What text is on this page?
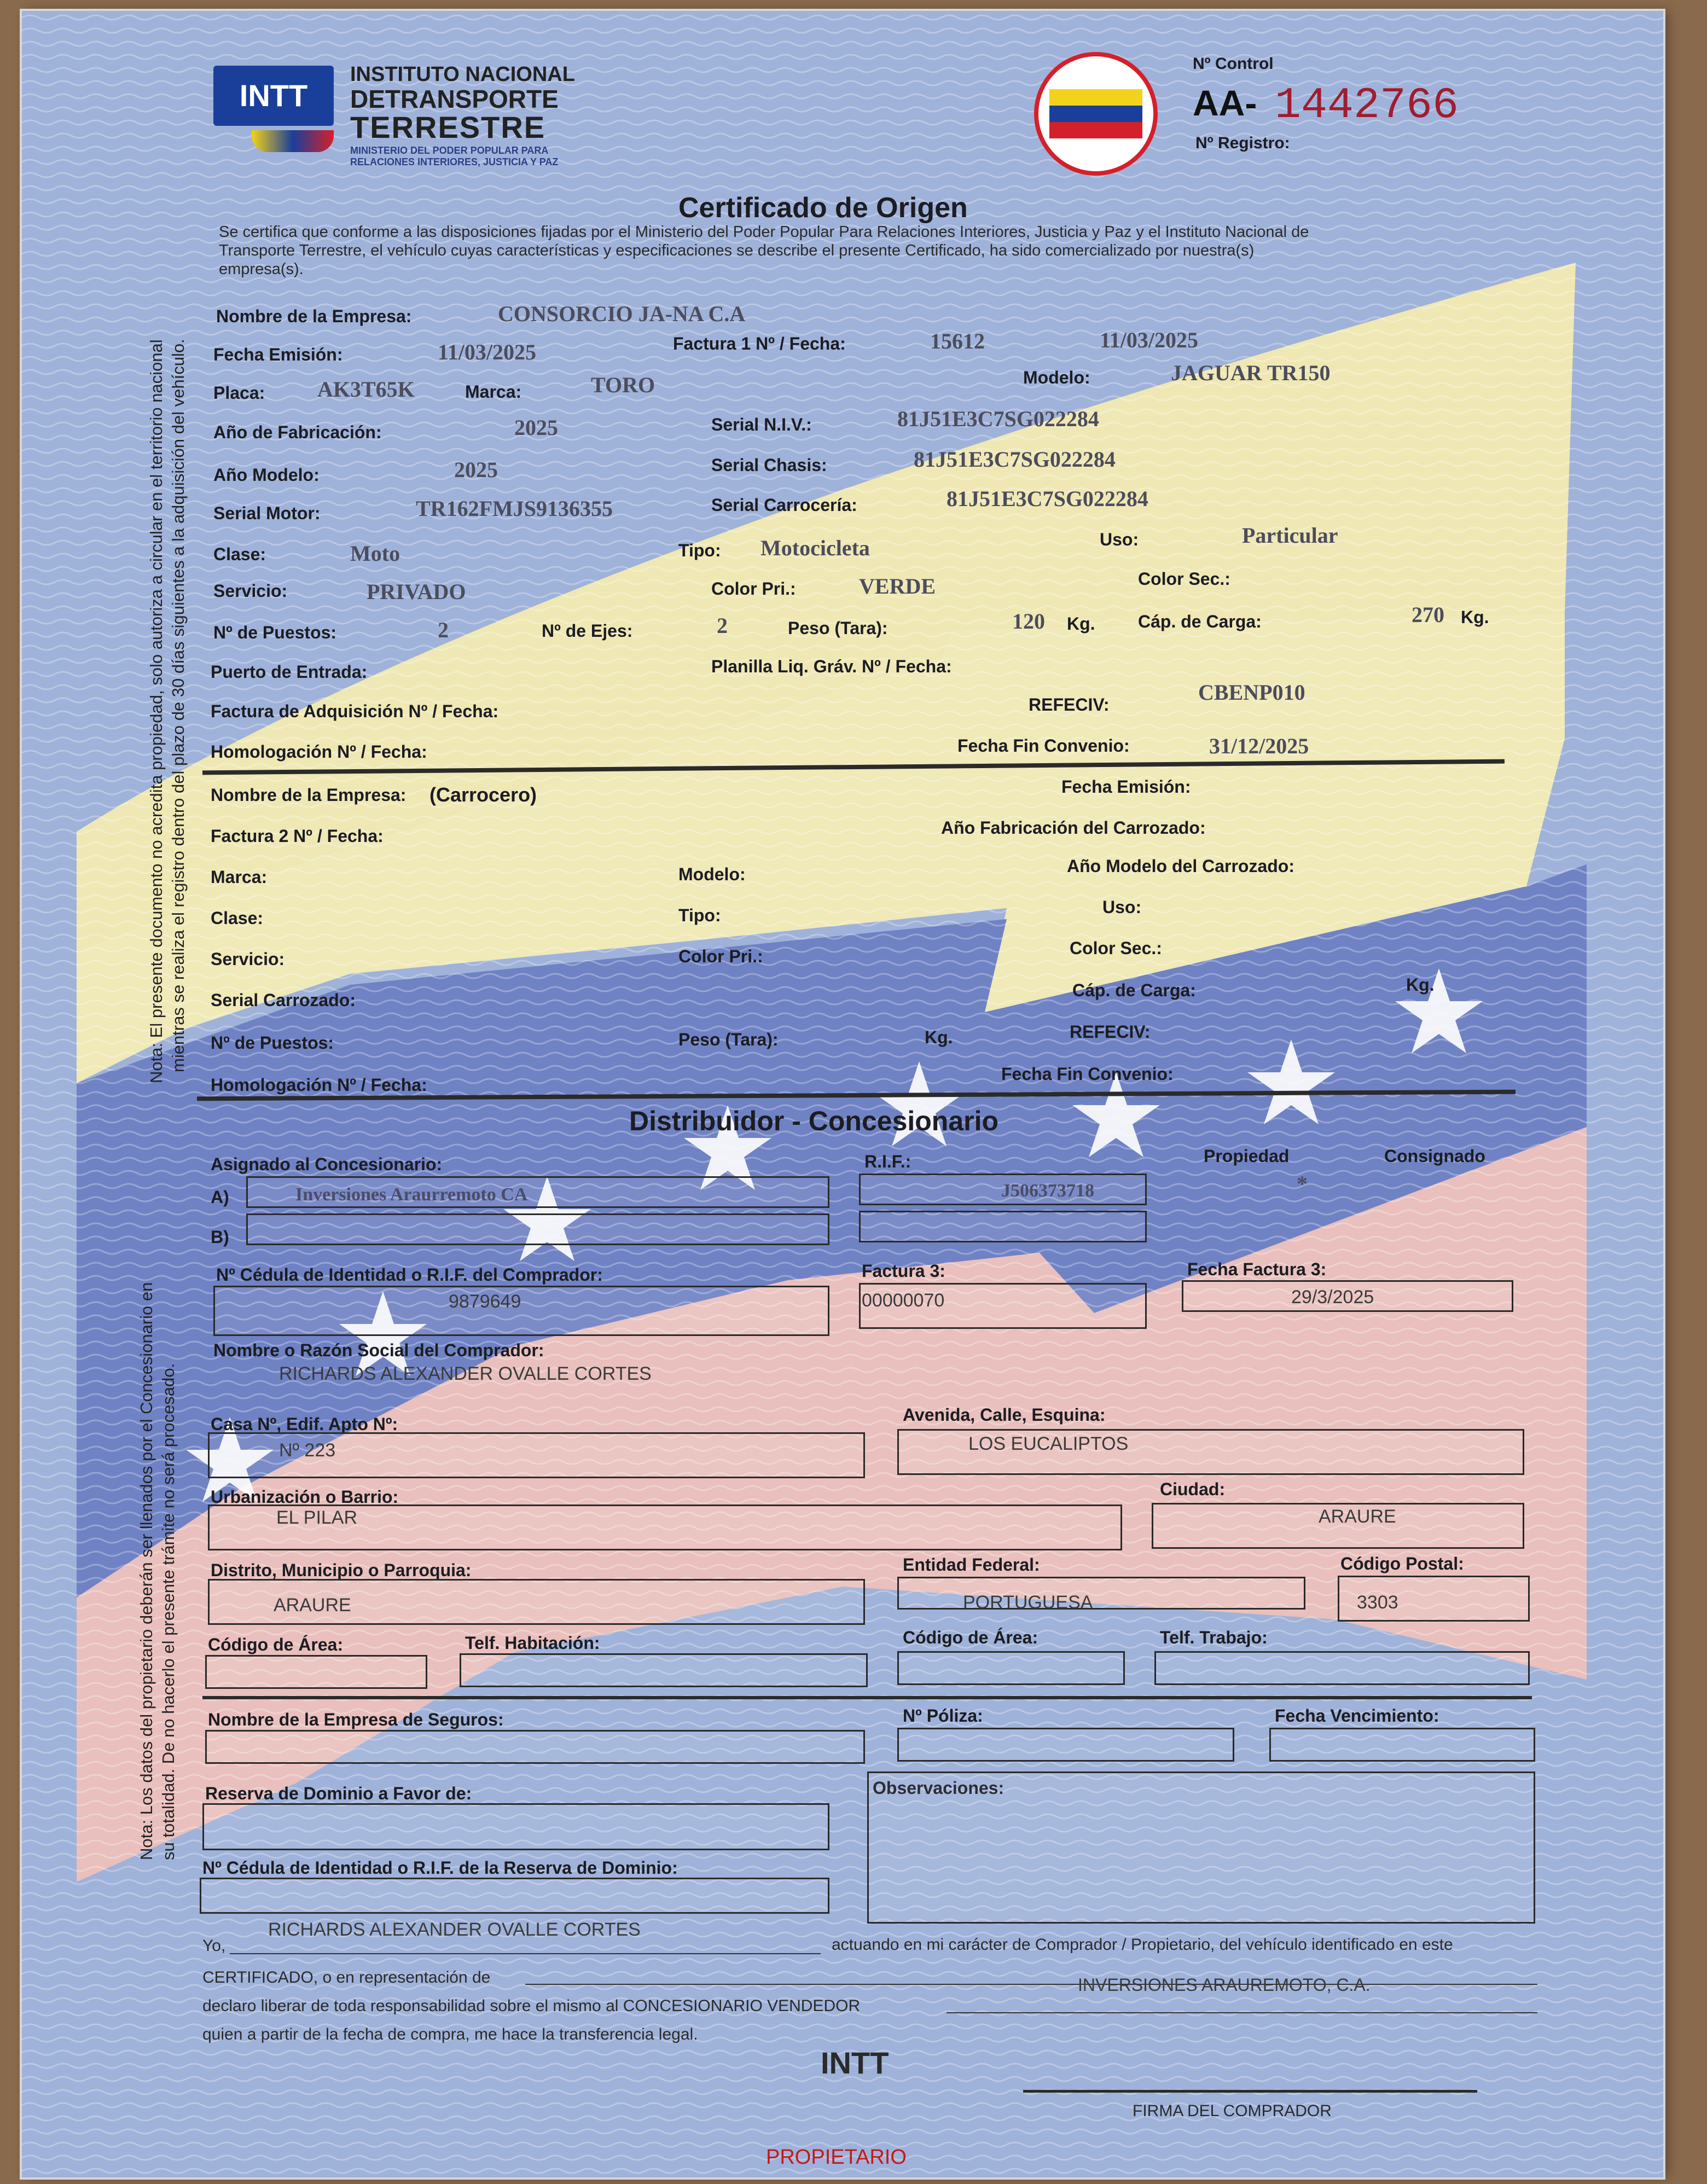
INTT
INSTITUTO NACIONAL
DETRANSPORTE
TERRESTRE
MINISTERIO DEL PODER POPULAR PARA
RELACIONES INTERIORES, JUSTICIA Y PAZ
Nº Control
AA- 1442766
Nº Registro:
Certificado de Origen
Se certifica que conforme a las disposiciones fijadas por el Ministerio del Poder Popular Para Relaciones Interiores, Justicia y Paz y el Instituto Nacional de
Transporte Terrestre, el vehículo cuyas características y especificaciones se describe el presente Certificado, ha sido comercializado por nuestra(s)
empresa(s).
Nombre de la Empresa:	CONSORCIO JA-NA C.A
Fecha Emisión:	11/03/2025	Factura 1 Nº / Fecha:	15612	11/03/2025
Placa: AK3T65K	Marca:	TORO	Modelo:	JAGUAR TR150
Año de Fabricación:	2025	Serial N.I.V.:	81J51E3C7SG022284
Año Modelo:	2025	Serial Chasis:	81J51E3C7SG022284
Serial Motor:	TR162FMJS9136355	Serial Carrocería:	81J51E3C7SG022284
Clase:	Moto	Tipo: Motocicleta	Uso:	Particular
Servicio:	PRIVADO	Color Pri.:	VERDE	Color Sec.:
Nº de Puestos:	2	Nº de Ejes:	2	Peso (Tara):	120 Kg. Cáp. de Carga:	270 Kg.
Puerto de Entrada:	Planilla Liq. Gráv. Nº / Fecha:
Factura de Adquisición Nº / Fecha:	REFECIV:	CBENP010
Homologación Nº / Fecha:	Fecha Fin Convenio:	31/12/2025
Nombre de la Empresa: (Carrocero)	Fecha Emisión:
Factura 2 Nº / Fecha:	Año Fabricación del Carrozado:
Marca:	Modelo:	Año Modelo del Carrozado:
Clase:	Tipo:	Uso:
Servicio:	Color Pri.:	Color Sec.:
Serial Carrozado:	Cáp. de Carga:	Kg.
Nº de Puestos:	Peso (Tara):	Kg.	REFECIV:
Homologación Nº / Fecha:
Fecha Fin Convenio:
Distribuidor - Concesionario
Asignado al Concesionario:	R.I.F.:	Propiedad	Consignado
A)	Inversiones Araurremoto CA	J506373718	*
B)
Nº Cédula de Identidad o R.I.F. del Comprador:
9879649
Factura 3:
00000070
Fecha Factura 3:
29/3/2025
Nombre o Razón Social del Comprador:
RICHARDS ALEXANDER OVALLE CORTES
Casa Nº, Edif. Apto Nº:
Nº 223
Avenida, Calle, Esquina:
LOS EUCALIPTOS
Urbanización o Barrio:
EL PILAR
Ciudad:
ARAURE
Distrito, Municipio o Parroquia:
ARAURE
Entidad Federal:
PORTUGUESA
Código Postal:
3303
Código de Área:	Telf. Habitación:	Código de Área:	Telf. Trabajo:
Nombre de la Empresa de Seguros:	Nº Póliza:	Fecha Vencimiento:
Reserva de Dominio a Favor de:	Observaciones:
Nº Cédula de Identidad o R.I.F. de la Reserva de Dominio:
Yo,
RICHARDS ALEXANDER OVALLE CORTES
actuando en mi carácter de Comprador / Propietario, del vehículo identificado en este
CERTIFICADO, o en representación de	INVERSIONES ARAUREMOTO, C.A.
declaro liberar de toda responsabilidad sobre el mismo al CONCESIONARIO VENDEDOR
quien a partir de la fecha de compra, me hace la transferencia legal.
INTT
FIRMA DEL COMPRADOR
PROPIETARIO
Nota: El presente documento no acredita propiedad, solo autoriza a circular en el territorio nacional mientras se realiza el registro dentro del plazo de 30 días siguientes a la adquisición del vehículo.
Nota: Los datos del propietario deberán ser llenados por el Concesionario en su totalidad. De no hacerlo el presente trámite no será procesado.
